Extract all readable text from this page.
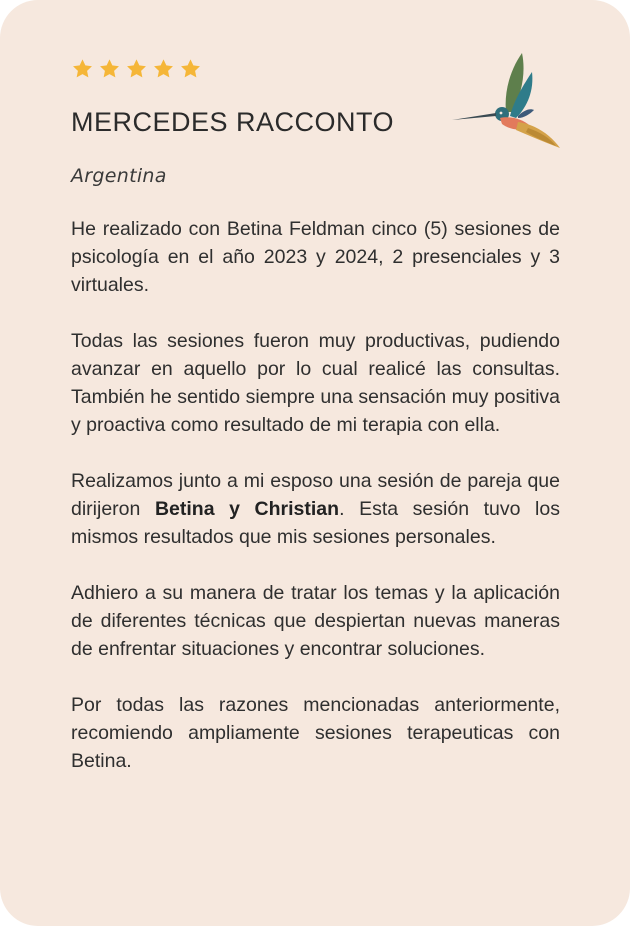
MERCEDES RACCONTO

Argentina

He realizado con Betina Feldman cinco (5) sesiones de psicología en el año 2023 y 2024, 2 presenciales y 3 virtuales.

Todas las sesiones fueron muy productivas, pudiendo avanzar en aquello por lo cual realicé las consultas. También he sentido siempre una sensación muy positiva y proactiva como resultado de mi terapia con ella.

Realizamos junto a mi esposo una sesión de pareja que dirijeron Betina y Christian. Esta sesión tuvo los mismos resultados que mis sesiones personales.

Adhiero a su manera de tratar los temas y la aplicación de diferentes técnicas que despiertan nuevas maneras de enfrentar situaciones y encontrar soluciones.

Por todas las razones mencionadas anteriormente, recomiendo ampliamente sesiones terapeuticas con Betina.
